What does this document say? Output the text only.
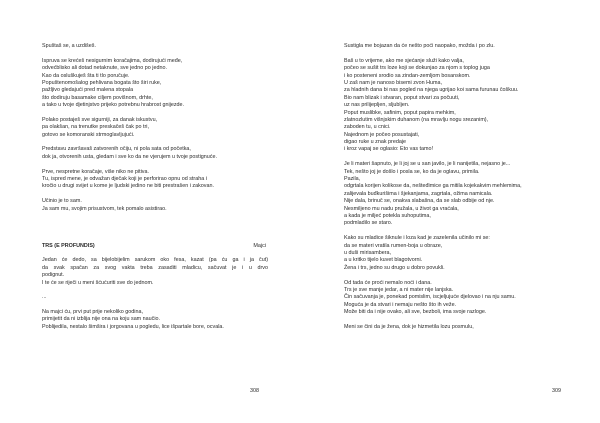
Spuštaš se, a uzdišeš.
Ispruva se krećeš nesigurnim koračajima, dodirujući međe,
odvećblisko ali dotad netaknute, sve jedno po jedno.
Kao da osluškuješ šta ti tlo poručuje.
Popuštenomošalog pehlivana bogata što širi ruke,
pažljivo gledajući pred malena stopala
što dodiruju basamake ciljem povišnom, drhte,
a tako u tvoje djetinjstvo prijeko potrebnu hrabrost gnijezde.
Polako postaješ sve sigurniji, za danak iskustvu,
pa olakšan, na trenutke preskačeš čak po tri,
gotovo se komoranski strmoglavljujući.
Predstavu završavaš zatvorenih očiju, ni pola sata od početka,
dok ja, otvorenih usta, gledam i sve ko da ne vjerujem u tvoje postignuće.
Prve, nespretne koračaje, više niko ne pitiva.
Tu, ispred mene, je odvažan dječak koji je perforirao opnu od straha i
kročio u drugi svijet u kome je ljudski jedino ne biti prestrašen i zakovan.
Učinio je to sam.
Ja sam mu, svojim prisustvom, tek pomalo asistirao.
TRS (E PROFUNDIS)	Majci
Jedan će dedo, sa bijelobijelim sarukom oko fesa, kazat (pa ću ga i ja čut)
da svak spačan za svog vakta treba zasaditi mladicu, sačuvat je i u drvo
podignut.
I te će se riječi u meni šćućuriti sve do jednom.
...
Na majci ću, prvi put prije nekoliko godina,
primijetit da ni izblija nije ona na koju sam naučio.
Poblijedila, nestalo šimšira i jorgovana u pogledu, lice išpartale bore, ocvala.
308
Sustigla me bojazan da će nešto poći naopako, možda i po zlu.
Baš u to vrijeme, ako me sjećanje služi kako valja,
počeo se sušit trs loze koji se dokunjao za njom s toplog juga
i ko posteneni srodio sa zindan-zemljom bosanskom.
U zaš nam je nanoso bisemi zvon Huma,
za hladnih dana bi nas pogled na njega ugrijao koi sama furunau čoškuu.
Bio nam blizak i stvaran, poput stvari za počuuti,
uz nas prilijepljen, sljubljen.
Poput muslibke, safinim, poput papira mehkim,
zlatnozlutim višnjskim duhanom (na mravlju nogu srezanim),
zaboden tu, u cnici.
Najednom je počeo posustajati,
digao ruke u znak predaje
i kroz vapaj se oglasio: Eto vas tamo!
Je li materi šapnuto, je li joj se u san javilo, je li nanijetila, nejasno je...
Tek, nešto joj je došlo i posla se, ko da je oglavu, primila.
Pazila,
odgrtala korijen kolikose da, nešteđimice ga mitila kojekakvim mehlemima,
zalijevala buđkurišima i šjekanjama, zagrtala, ožima namicala.
Nije dala, brinuč se, onakva slabašna, da se slab odbije od nje.
Nesmiljeno mu nadu pružala, u život ga vraćala,
a kada je miljeć potekla suhoputima,
podmladilo se staro.
Kako su mladice šiknule i loza kad je zazelenila učinilo mi se:
da se materi vratila rumen-boja u obraze,
u duši mirisambera,
a u kritko tijelo kuvet blagotvorni.
Žena i trs, jedno su drugo u dobro povukli.
Od tada će proći nemalo noći i dana.
Trs je sve manje jedar, a ni mater nije lanjska.
Čin sačuvanja je, ponekad pomislim, iscjeljujuće djelovao i na nju samu.
Moguća je da stvari i nemaju nešto što ih veže.
Može biti da i nije ovako, ali sve, bezboli, ima svoje razloge.
Meni se čini da je žena, dok je hizmetila lozu posmulu,
309
